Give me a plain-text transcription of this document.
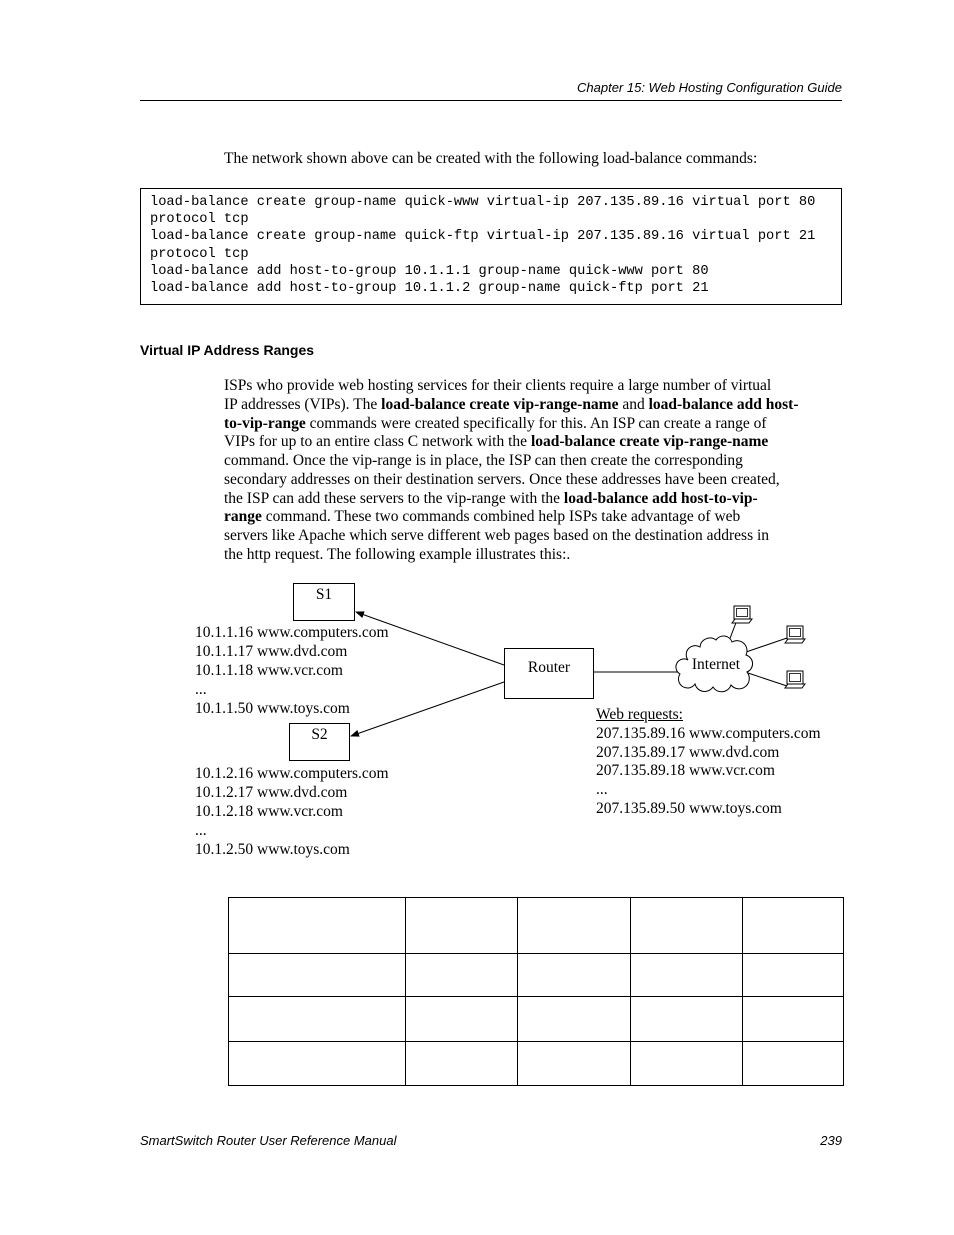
Chapter 15: Web Hosting Configuration Guide
The network shown above can be created with the following load-balance commands:
load-balance create group-name quick-www virtual-ip 207.135.89.16 virtual port 80
protocol tcp
load-balance create group-name quick-ftp virtual-ip 207.135.89.16 virtual port 21
protocol tcp
load-balance add host-to-group 10.1.1.1 group-name quick-www port 80
load-balance add host-to-group 10.1.1.2 group-name quick-ftp port 21
Virtual IP Address Ranges
ISPs who provide web hosting services for their clients require a large number of virtual
IP addresses (VIPs). The load-balance create vip-range-name and load-balance add host-
to-vip-range commands were created specifically for this. An ISP can create a range of
VIPs for up to an entire class C network with the load-balance create vip-range-name
command. Once the vip-range is in place, the ISP can then create the corresponding
secondary addresses on their destination servers. Once these addresses have been created,
the ISP can add these servers to the vip-range with the load-balance add host-to-vip-
range command. These two commands combined help ISPs take advantage of web
servers like Apache which serve different web pages based on the destination address in
the http request. The following example illustrates this:.
S1
S2
Router	Internet
10.1.1.16 www.computers.com
10.1.1.17 www.dvd.com
10.1.1.18 www.vcr.com
...
10.1.1.50 www.toys.com
10.1.2.16 www.computers.com
10.1.2.17 www.dvd.com
10.1.2.18 www.vcr.com
...
10.1.2.50 www.toys.com
Web requests:
207.135.89.16 www.computers.com
207.135.89.17 www.dvd.com
207.135.89.18 www.vcr.com
...
207.135.89.50 www.toys.com

SmartSwitch Router User Reference Manual	239
